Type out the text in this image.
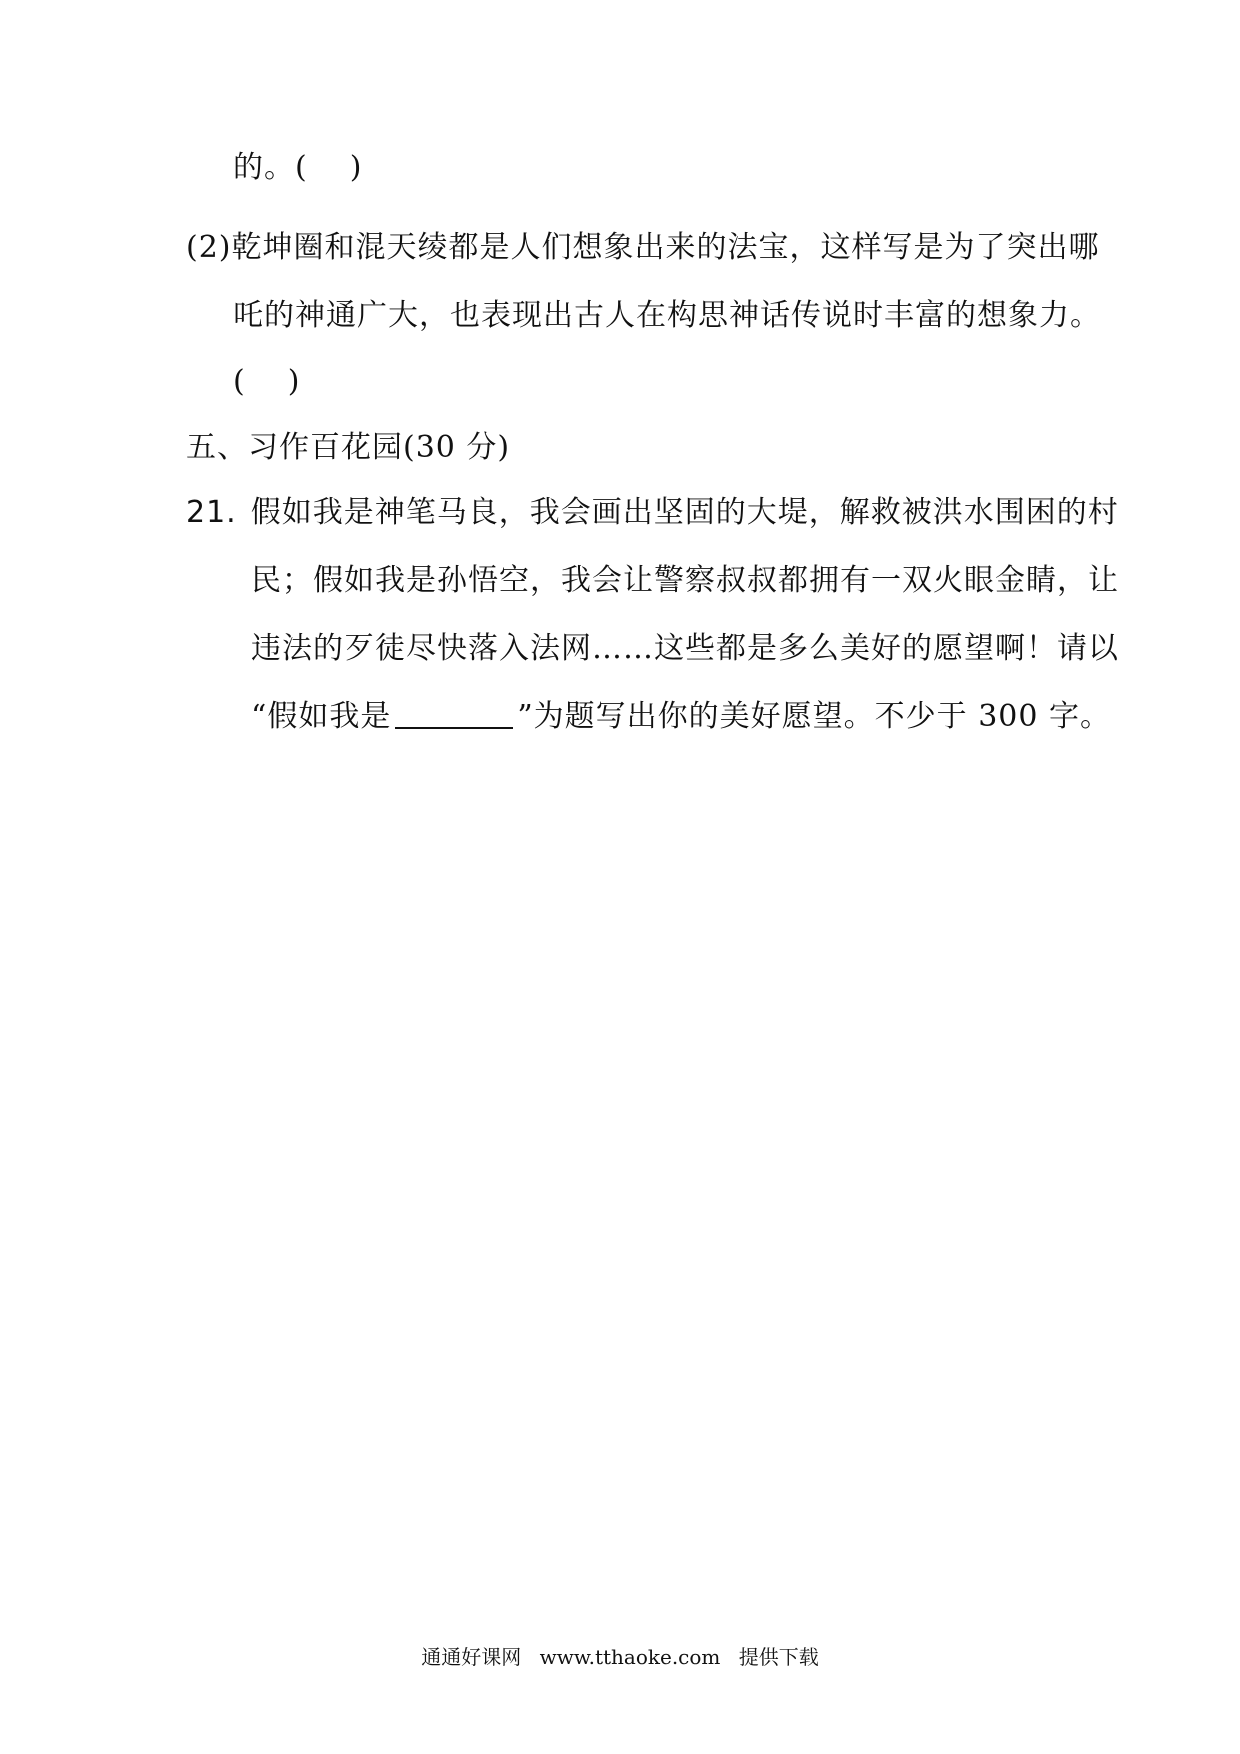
的。( )
(2)乾坤圈和混天绫都是人们想象出来的法宝，这样写是为了突出哪
吒的神通广大，也表现出古人在构思神话传说时丰富的想象力。
( )
五、习作百花园(30 分)
21. 假如我是神笔马良，我会画出坚固的大堤，解救被洪水围困的村
民；假如我是孙悟空，我会让警察叔叔都拥有一双火眼金睛，让
违法的歹徒尽快落入法网……这些都是多么美好的愿望啊！请以
“假如我是	”为题写出你的美好愿望。不少于 300 字。
通通好课网 www.tthaoke.com 提供下载
